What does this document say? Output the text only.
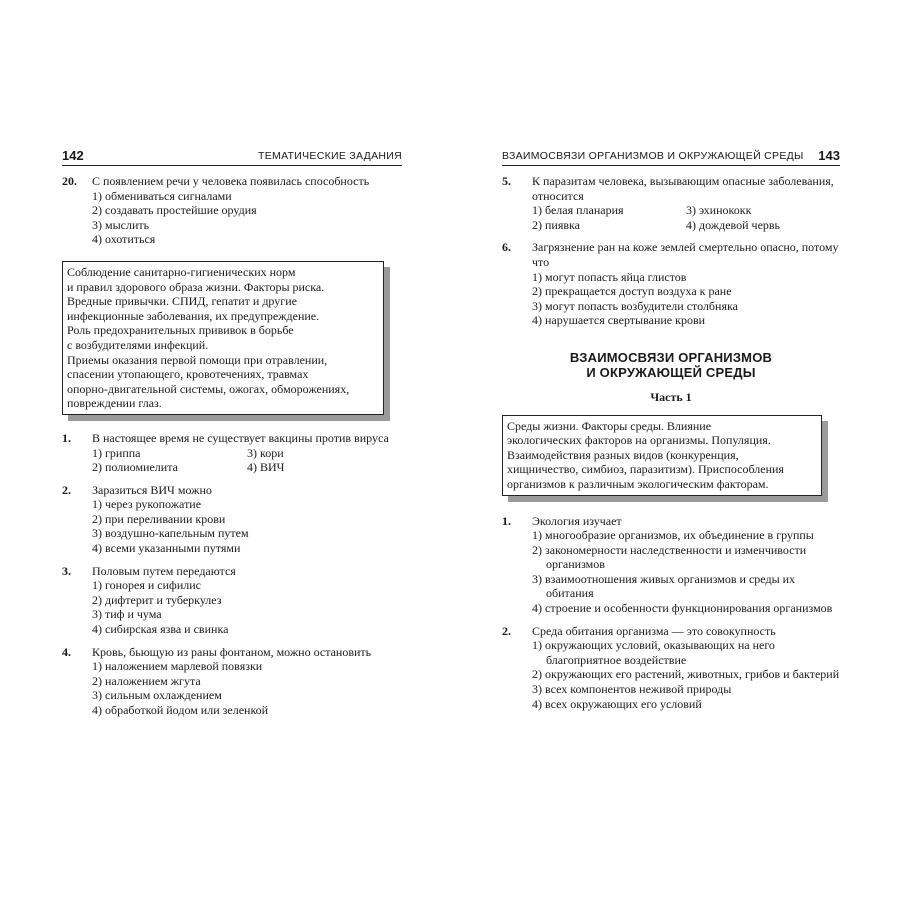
142	ТЕМАТИЧЕСКИЕ ЗАДАНИЯ
20.	С появлением речи у человека появилась способность
1) обмениваться сигналами
2) создавать простейшие орудия
3) мыслить
4) охотиться
Соблюдение санитарно-гигиенических норм
и правил здорового образа жизни. Факторы риска.
Вредные привычки. СПИД, гепатит и другие
инфекционные заболевания, их предупреждение.
Роль предохранительных прививок в борьбе
с возбудителями инфекций.
Приемы оказания первой помощи при отравлении,
спасении утопающего, кровотечениях, травмах
опорно-двигательной системы, ожогах, обморожениях,
повреждении глаз.
1.	В настоящее время не существует вакцины против вируса
1) гриппа	3) кори
2) полиомиелита	4) ВИЧ
2.	Заразиться ВИЧ можно
1) через рукопожатие
2) при переливании крови
3) воздушно-капельным путем
4) всеми указанными путями
3.	Половым путем передаются
1) гонорея и сифилис
2) дифтерит и туберкулез
3) тиф и чума
4) сибирская язва и свинка
4.	Кровь, бьющую из раны фонтаном, можно остановить
1) наложением марлевой повязки
2) наложением жгута
3) сильным охлаждением
4) обработкой йодом или зеленкой
ВЗАИМОСВЯЗИ ОРГАНИЗМОВ И ОКРУЖАЮЩЕЙ СРЕДЫ 143
5.	К паразитам человека, вызывающим опасные заболевания, относится
1) белая планария	3) эхинококк
2) пиявка	4) дождевой червь
6.	Загрязнение ран на коже землей смертельно опасно, потому что
1) могут попасть яйца глистов
2) прекращается доступ воздуха к ране
3) могут попасть возбудители столбняка
4) нарушается свертывание крови
ВЗАИМОСВЯЗИ ОРГАНИЗМОВ
И ОКРУЖАЮЩЕЙ СРЕДЫ
Часть 1
Среды жизни. Факторы среды. Влияние
экологических факторов на организмы. Популяция.
Взаимодействия разных видов (конкуренция,
хищничество, симбиоз, паразитизм). Приспособления
организмов к различным экологическим факторам.
1.	Экология изучает
1) многообразие организмов, их объединение в группы
2) закономерности наследственности и изменчивости организмов
3) взаимоотношения живых организмов и среды их обитания
4) строение и особенности функционирования организмов
2.	Среда обитания организма — это совокупность
1) окружающих условий, оказывающих на него благоприятное воздействие
2) окружающих его растений, животных, грибов и бактерий
3) всех компонентов неживой природы
4) всех окружающих его условий
